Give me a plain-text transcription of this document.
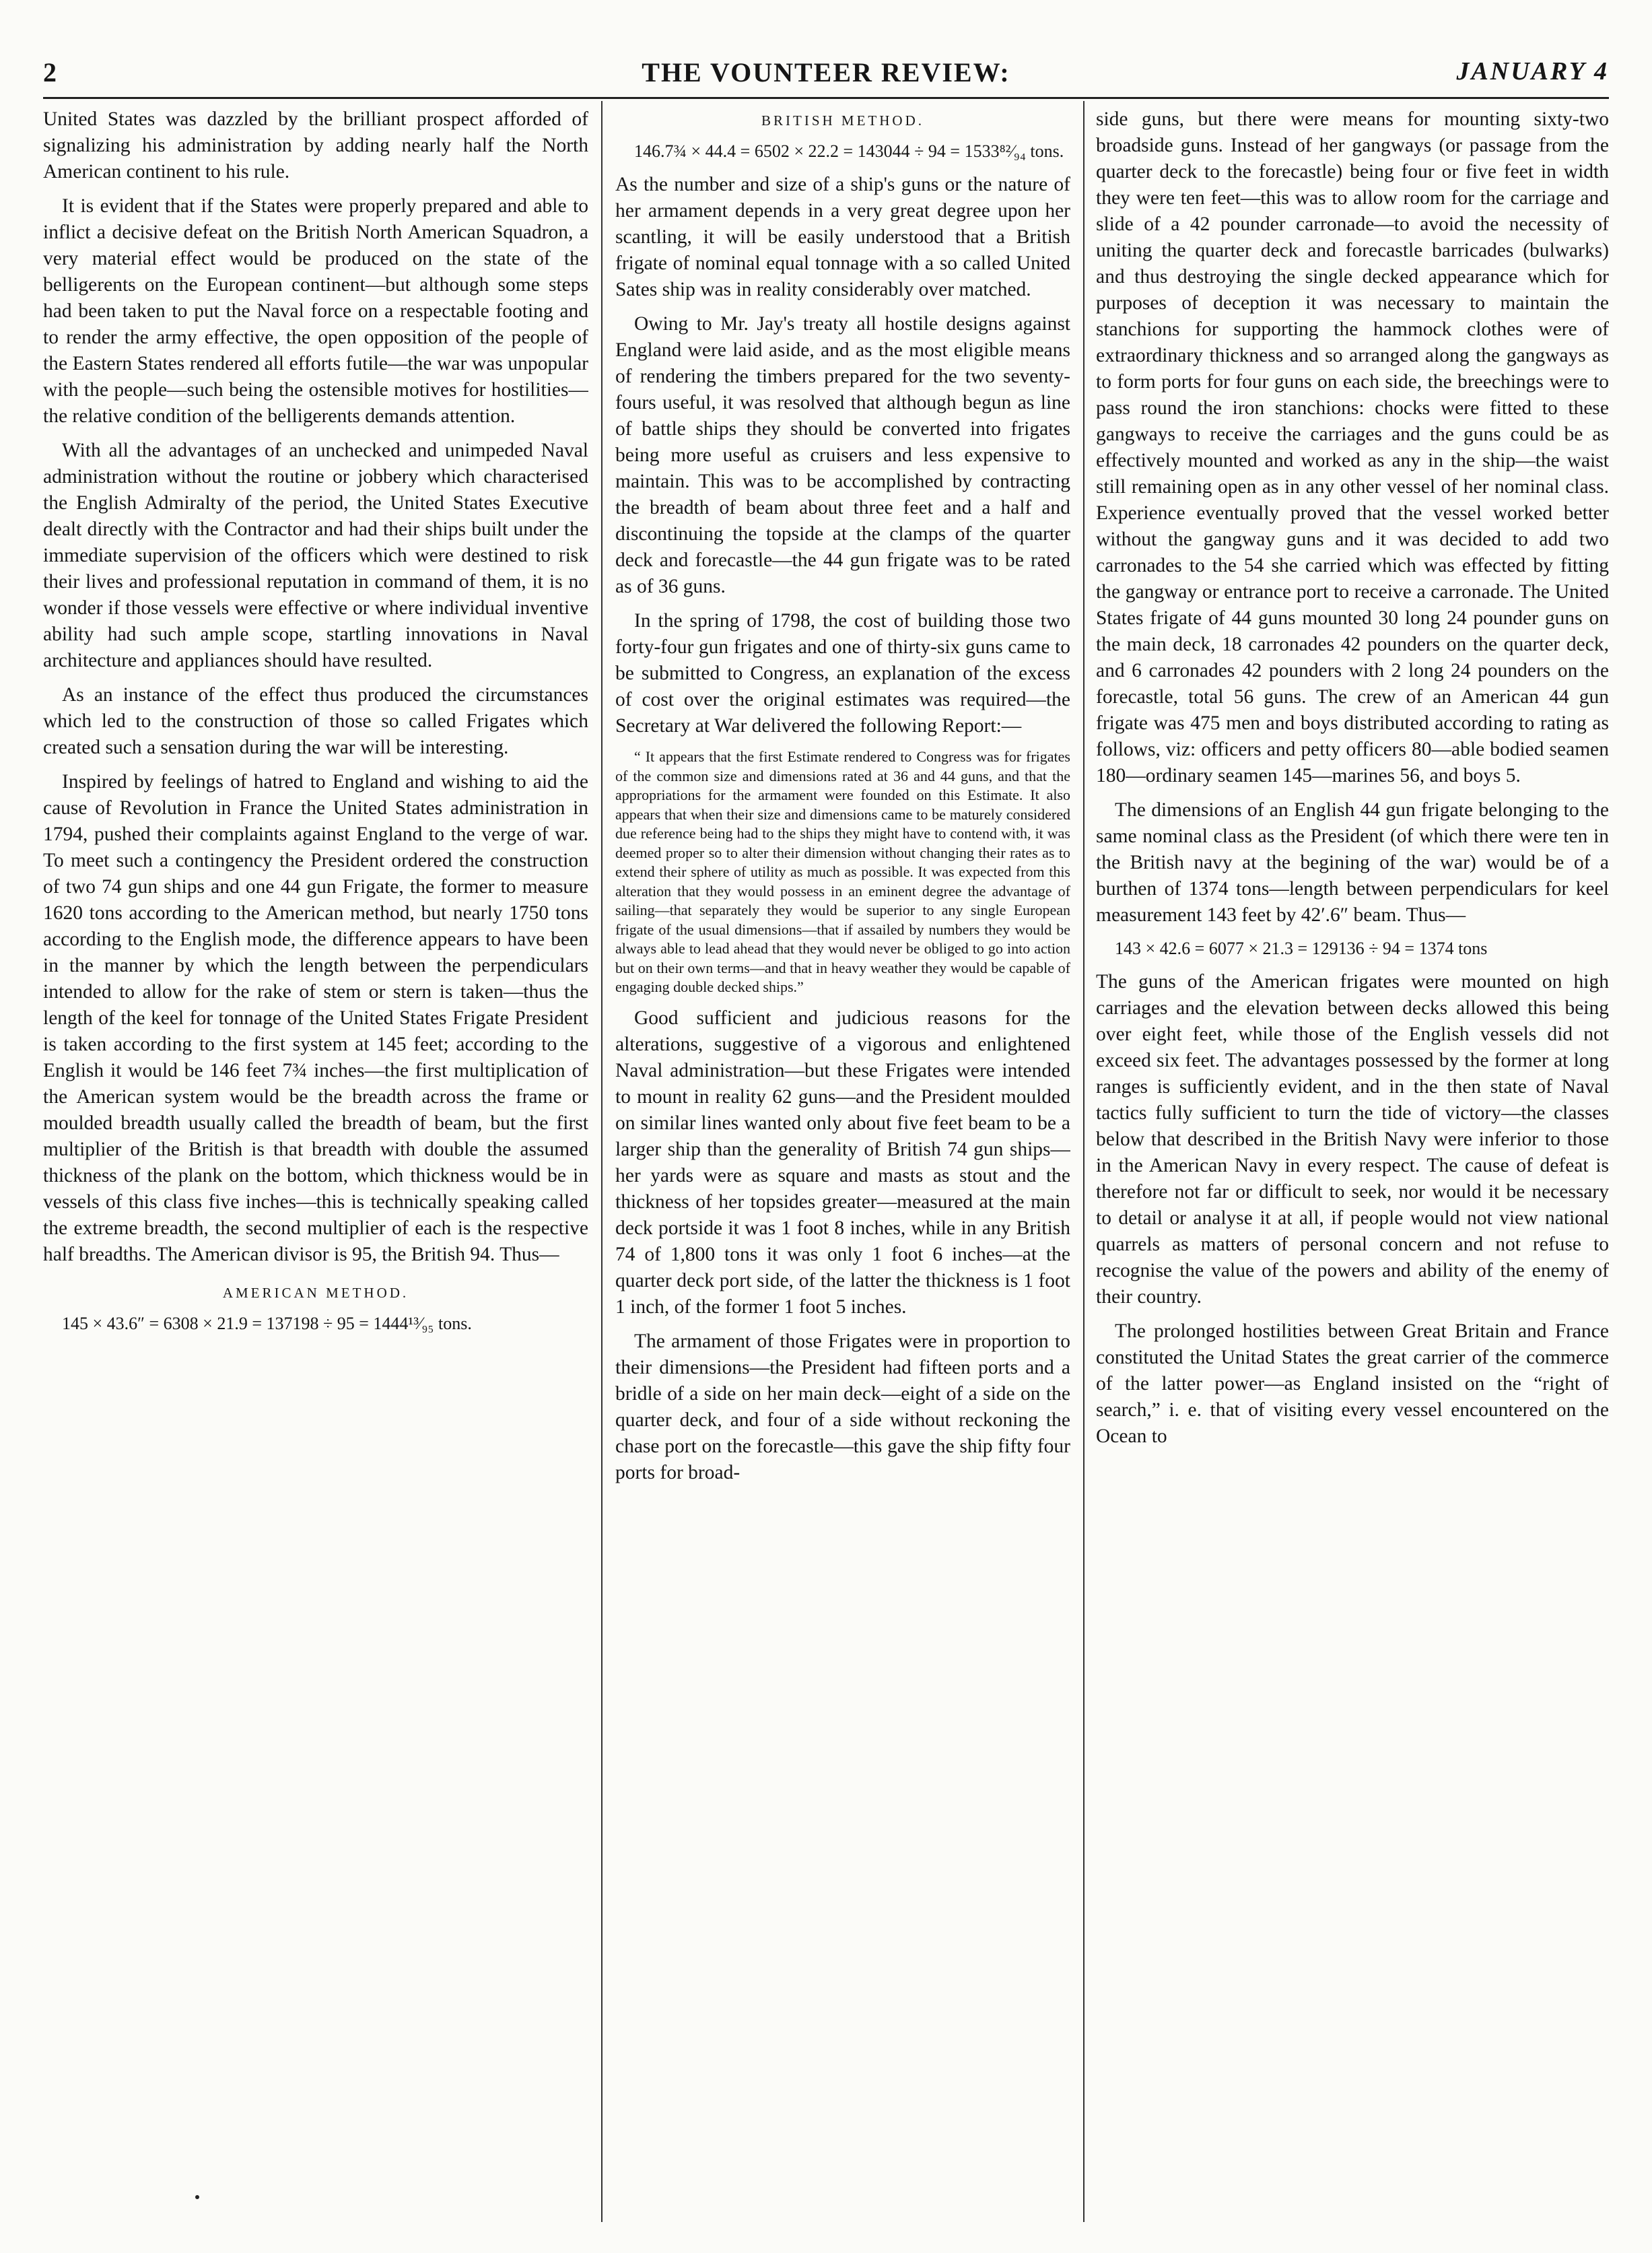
2	THE VOUNTEER REVIEW:	JANUARY 4

United States was dazzled by the brilliant prospect afforded of signalizing his administration by adding nearly half the North American continent to his rule.

It is evident that if the States were properly prepared and able to inflict a decisive defeat on the British North American Squadron, a very material effect would be produced on the state of the belligerents on the European continent—but although some steps had been taken to put the Naval force on a respectable footing and to render the army effective, the open opposition of the people of the Eastern States rendered all efforts futile—the war was unpopular with the people—such being the ostensible motives for hostilities—the relative condition of the belligerents demands attention.

With all the advantages of an unchecked and unimpeded Naval administration without the routine or jobbery which characterised the English Admiralty of the period, the United States Executive dealt directly with the Contractor and had their ships built under the immediate supervision of the officers which were destined to risk their lives and professional reputation in command of them, it is no wonder if those vessels were effective or where individual inventive ability had such ample scope, startling innovations in Naval architecture and appliances should have resulted.

As an instance of the effect thus produced the circumstances which led to the construction of those so called Frigates which created such a sensation during the war will be interesting.

Inspired by feelings of hatred to England and wishing to aid the cause of Revolution in France the United States administration in 1794, pushed their complaints against England to the verge of war. To meet such a contingency the President ordered the construction of two 74 gun ships and one 44 gun Frigate, the former to measure 1620 tons according to the American method, but nearly 1750 tons according to the English mode, the difference appears to have been in the manner by which the length between the perpendiculars intended to allow for the rake of stem or stern is taken—thus the length of the keel for tonnage of the United States Frigate President is taken according to the first system at 145 feet; according to the English it would be 146 feet 7¾ inches—the first multiplication of the American system would be the breadth across the frame or moulded breadth usually called the breadth of beam, but the first multiplier of the British is that breadth with double the assumed thickness of the plank on the bottom, which thickness would be in vessels of this class five inches—this is technically speaking called the extreme breadth, the second multiplier of each is the respective half breadths. The American divisor is 95, the British 94. Thus—

AMERICAN METHOD.

145 × 43.6″ = 6308 × 21.9 = 137198 ÷ 95 = 1444¹³⁄₉₅ tons.

BRITISH METHOD.

146.7¾ × 44.4 = 6502 × 22.2 = 143044 ÷ 94 = 1533⁸²⁄₉₄ tons.

As the number and size of a ship's guns or the nature of her armament depends in a very great degree upon her scantling, it will be easily understood that a British frigate of nominal equal tonnage with a so called United Sates ship was in reality considerably over matched.

Owing to Mr. Jay's treaty all hostile designs against England were laid aside, and as the most eligible means of rendering the timbers prepared for the two seventy-fours useful, it was resolved that although begun as line of battle ships they should be converted into frigates being more useful as cruisers and less expensive to maintain. This was to be accomplished by contracting the breadth of beam about three feet and a half and discontinuing the topside at the clamps of the quarter deck and forecastle—the 44 gun frigate was to be rated as of 36 guns.

In the spring of 1798, the cost of building those two forty-four gun frigates and one of thirty-six guns came to be submitted to Congress, an explanation of the excess of cost over the original estimates was required—the Secretary at War delivered the following Report:—

“ It appears that the first Estimate rendered to Congress was for frigates of the common size and dimensions rated at 36 and 44 guns, and that the appropriations for the armament were founded on this Estimate. It also appears that when their size and dimensions came to be maturely considered due reference being had to the ships they might have to contend with, it was deemed proper so to alter their dimension without changing their rates as to extend their sphere of utility as much as possible. It was expected from this alteration that they would possess in an eminent degree the advantage of sailing—that separately they would be superior to any single European frigate of the usual dimensions—that if assailed by numbers they would be always able to lead ahead that they would never be obliged to go into action but on their own terms—and that in heavy weather they would be capable of engaging double decked ships.”

Good sufficient and judicious reasons for the alterations, suggestive of a vigorous and enlightened Naval administration—but these Frigates were intended to mount in reality 62 guns—and the President moulded on similar lines wanted only about five feet beam to be a larger ship than the generality of British 74 gun ships—her yards were as square and masts as stout and the thickness of her topsides greater—measured at the main deck portside it was 1 foot 8 inches, while in any British 74 of 1,800 tons it was only 1 foot 6 inches—at the quarter deck port side, of the latter the thickness is 1 foot 1 inch, of the former 1 foot 5 inches.

The armament of those Frigates were in proportion to their dimensions—the President had fifteen ports and a bridle of a side on her main deck—eight of a side on the quarter deck, and four of a side without reckoning the chase port on the forecastle—this gave the ship fifty four ports for broad-

side guns, but there were means for mounting sixty-two broadside guns. Instead of her gangways (or passage from the quarter deck to the forecastle) being four or five feet in width they were ten feet—this was to allow room for the carriage and slide of a 42 pounder carronade—to avoid the necessity of uniting the quarter deck and forecastle barricades (bulwarks) and thus destroying the single decked appearance which for purposes of deception it was necessary to maintain the stanchions for supporting the hammock clothes were of extraordinary thickness and so arranged along the gangways as to form ports for four guns on each side, the breechings were to pass round the iron stanchions: chocks were fitted to these gangways to receive the carriages and the guns could be as effectively mounted and worked as any in the ship—the waist still remaining open as in any other vessel of her nominal class. Experience eventually proved that the vessel worked better without the gangway guns and it was decided to add two carronades to the 54 she carried which was effected by fitting the gangway or entrance port to receive a carronade. The United States frigate of 44 guns mounted 30 long 24 pounder guns on the main deck, 18 carronades 42 pounders on the quarter deck, and 6 carronades 42 pounders with 2 long 24 pounders on the forecastle, total 56 guns. The crew of an American 44 gun frigate was 475 men and boys distributed according to rating as follows, viz: officers and petty officers 80—able bodied seamen 180—ordinary seamen 145—marines 56, and boys 5.

The dimensions of an English 44 gun frigate belonging to the same nominal class as the President (of which there were ten in the British navy at the begining of the war) would be of a burthen of 1374 tons—length between perpendiculars for keel measurement 143 feet by 42′.6″ beam. Thus—

143 × 42.6 = 6077 × 21.3 = 129136 ÷ 94 = 1374 tons

The guns of the American frigates were mounted on high carriages and the elevation between decks allowed this being over eight feet, while those of the English vessels did not exceed six feet. The advantages possessed by the former at long ranges is sufficiently evident, and in the then state of Naval tactics fully sufficient to turn the tide of victory—the classes below that described in the British Navy were inferior to those in the American Navy in every respect. The cause of defeat is therefore not far or difficult to seek, nor would it be necessary to detail or analyse it at all, if people would not view national quarrels as matters of personal concern and not refuse to recognise the value of the powers and ability of the enemy of their country.

The prolonged hostilities between Great Britain and France constituted the Unitad States the great carrier of the commerce of the latter power—as England insisted on the “right of search,” i. e. that of visiting every vessel encountered on the Ocean to
